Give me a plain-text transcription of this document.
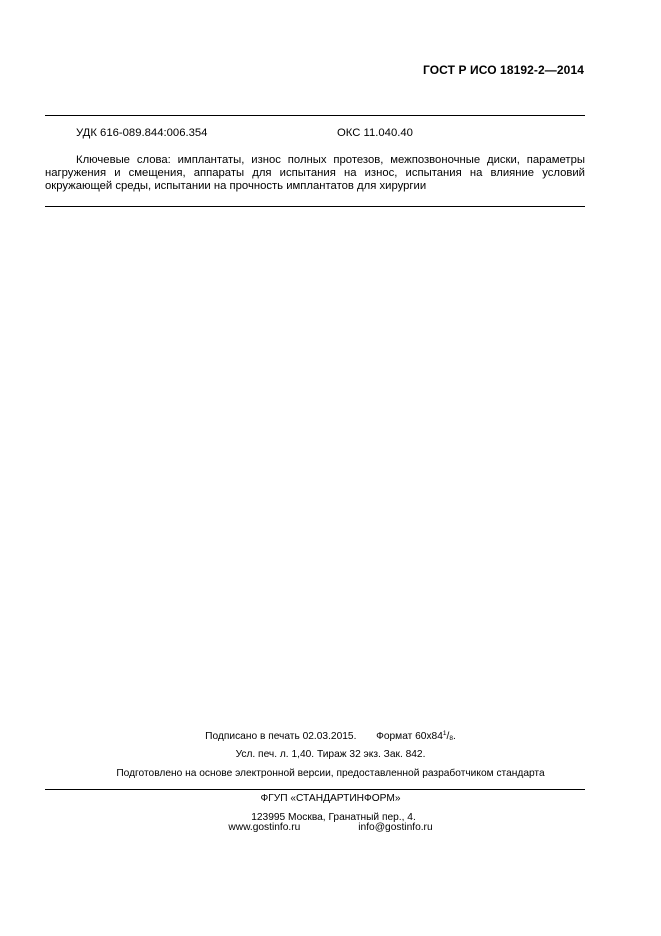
ГОСТ Р ИСО 18192-2—2014
УДК 616-089.844:006.354	ОКС 11.040.40
Ключевые слова: имплантаты, износ полных протезов, межпозвоночные диски, параметры нагружения и смещения, аппараты для испытания на износ, испытания на влияние условий окружающей среды, испытании на прочность имплантатов для хирургии
Подписано в печать 02.03.2015. Формат $60х84^1/_8$.
Усл. печ. л. 1,40. Тираж 32 экз. Зак. 842.
Подготовлено на основе электронной версии, предоставленной разработчиком стандарта
ФГУП «СТАНДАРТИНФОРМ»
123995 Москва, Гранатный пер., 4.
www.gostinfo.ru	info@gostinfo.ru
